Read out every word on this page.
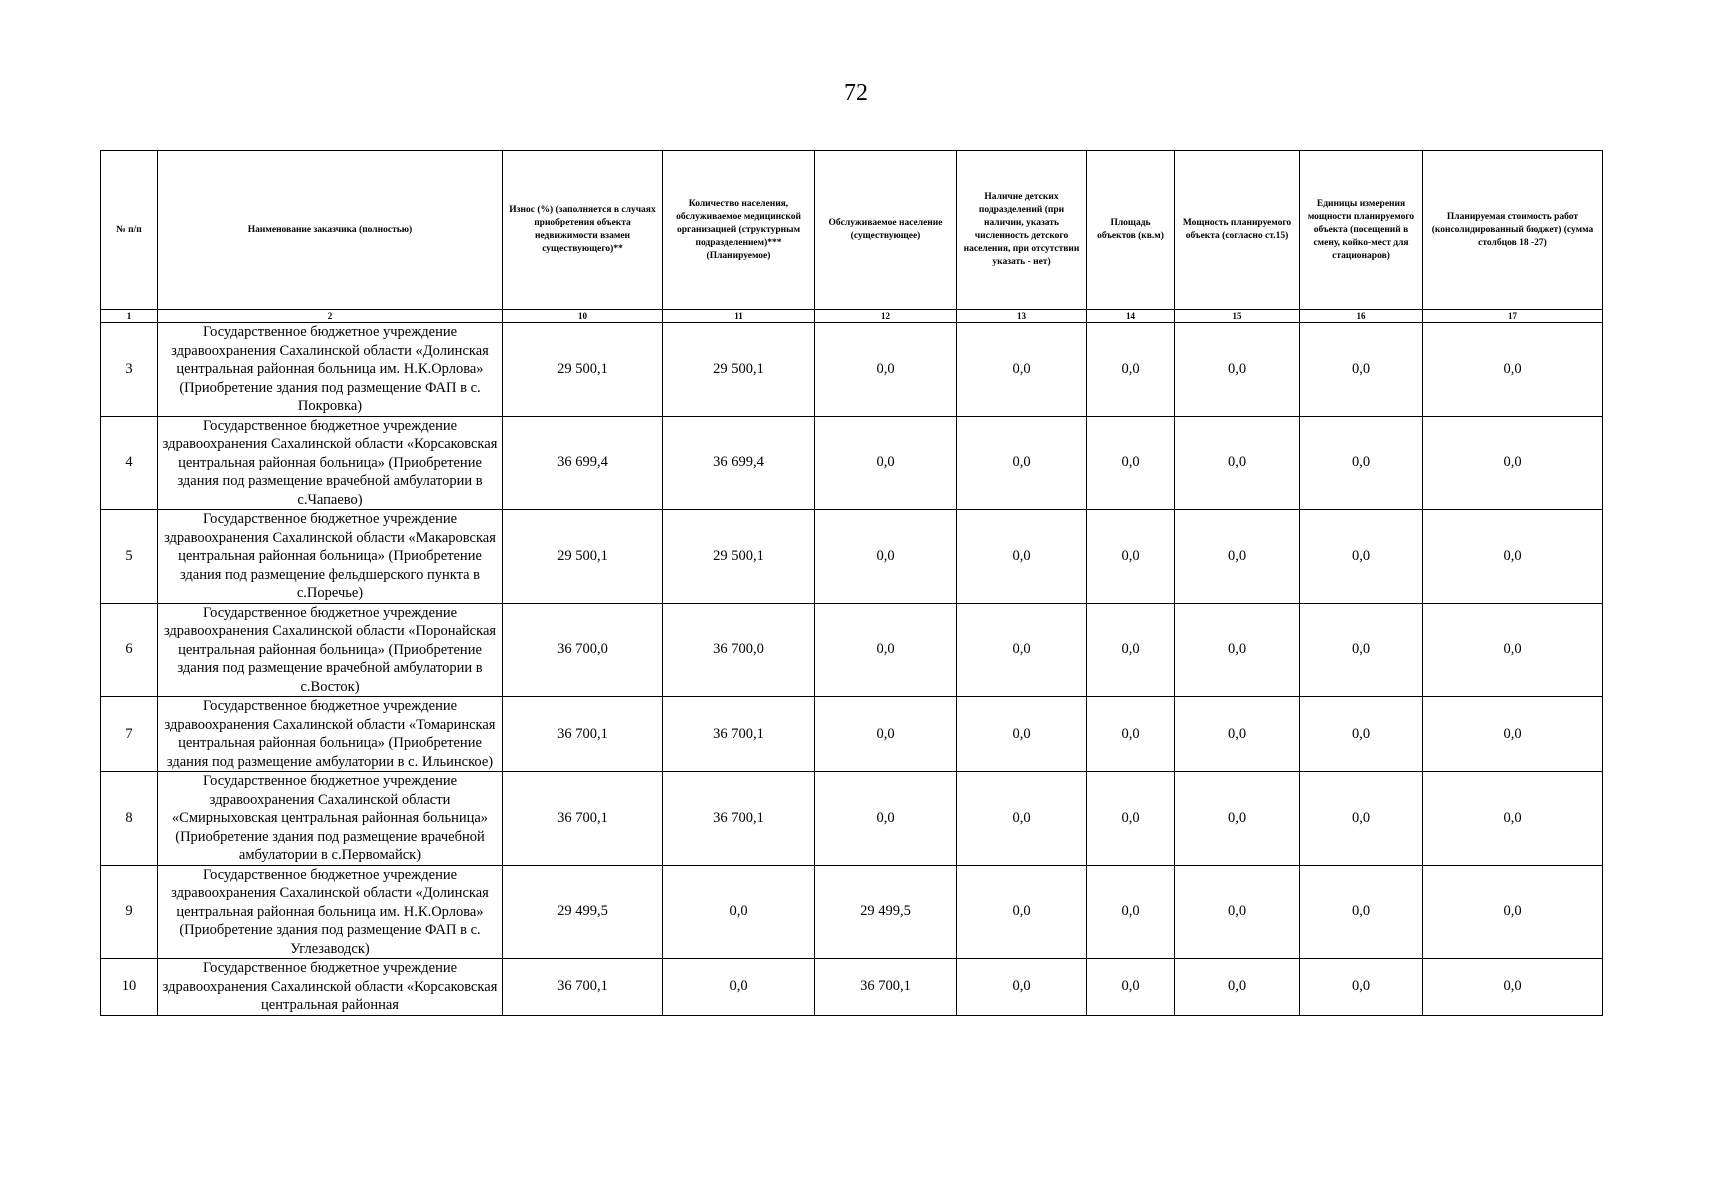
72
№ п/п	Наименование заказчика (полностью)	Износ (%) (заполняется в случаях приобретения объекта недвижимости взамен существующего)**	Количество населения, обслуживаемое медицинской организацией (структурным подразделением)*** (Планируемое)	Обслуживаемое население (существующее)	Наличие детских подразделений (при наличии, указать численность детского населения, при отсутствии указать - нет)	Площадь объектов (кв.м)	Мощность планируемого объекта (согласно ст.15)	Единицы измерения мощности планируемого объекта (посещений в смену, койко-мест для стационаров)	Планируемая стоимость работ (консолидированный бюджет) (сумма столбцов 18 -27)
1	2	10	11	12	13	14	15	16	17
3	Государственное бюджетное учреждение здравоохранения Сахалинской области «Долинская центральная районная больница им. Н.К.Орлова» (Приобретение здания под размещение ФАП в с. Покровка)	29 500,1	29 500,1	0,0	0,0	0,0	0,0	0,0	0,0
4	Государственное бюджетное учреждение здравоохранения Сахалинской области «Корсаковская центральная районная больница» (Приобретение здания под размещение врачебной амбулатории в с.Чапаево)	36 699,4	36 699,4	0,0	0,0	0,0	0,0	0,0	0,0
5	Государственное бюджетное учреждение здравоохранения Сахалинской области «Макаровская центральная районная больница» (Приобретение здания под размещение фельдшерского пункта в с.Поречье)	29 500,1	29 500,1	0,0	0,0	0,0	0,0	0,0	0,0
6	Государственное бюджетное учреждение здравоохранения Сахалинской области «Поронайская центральная районная больница» (Приобретение здания под размещение врачебной амбулатории в с.Восток)	36 700,0	36 700,0	0,0	0,0	0,0	0,0	0,0	0,0
7	Государственное бюджетное учреждение здравоохранения Сахалинской области «Томаринская центральная районная больница» (Приобретение здания под размещение амбулатории в с. Ильинское)	36 700,1	36 700,1	0,0	0,0	0,0	0,0	0,0	0,0
8	Государственное бюджетное учреждение здравоохранения Сахалинской области «Смирныховская центральная районная больница» (Приобретение здания под размещение врачебной амбулатории в с.Первомайск)	36 700,1	36 700,1	0,0	0,0	0,0	0,0	0,0	0,0
9	Государственное бюджетное учреждение здравоохранения Сахалинской области «Долинская центральная районная больница им. Н.К.Орлова» (Приобретение здания под размещение ФАП в с. Углезаводск)	29 499,5	0,0	29 499,5	0,0	0,0	0,0	0,0	0,0
10	Государственное бюджетное учреждение здравоохранения Сахалинской области «Корсаковская центральная районная	36 700,1	0,0	36 700,1	0,0	0,0	0,0	0,0	0,0
